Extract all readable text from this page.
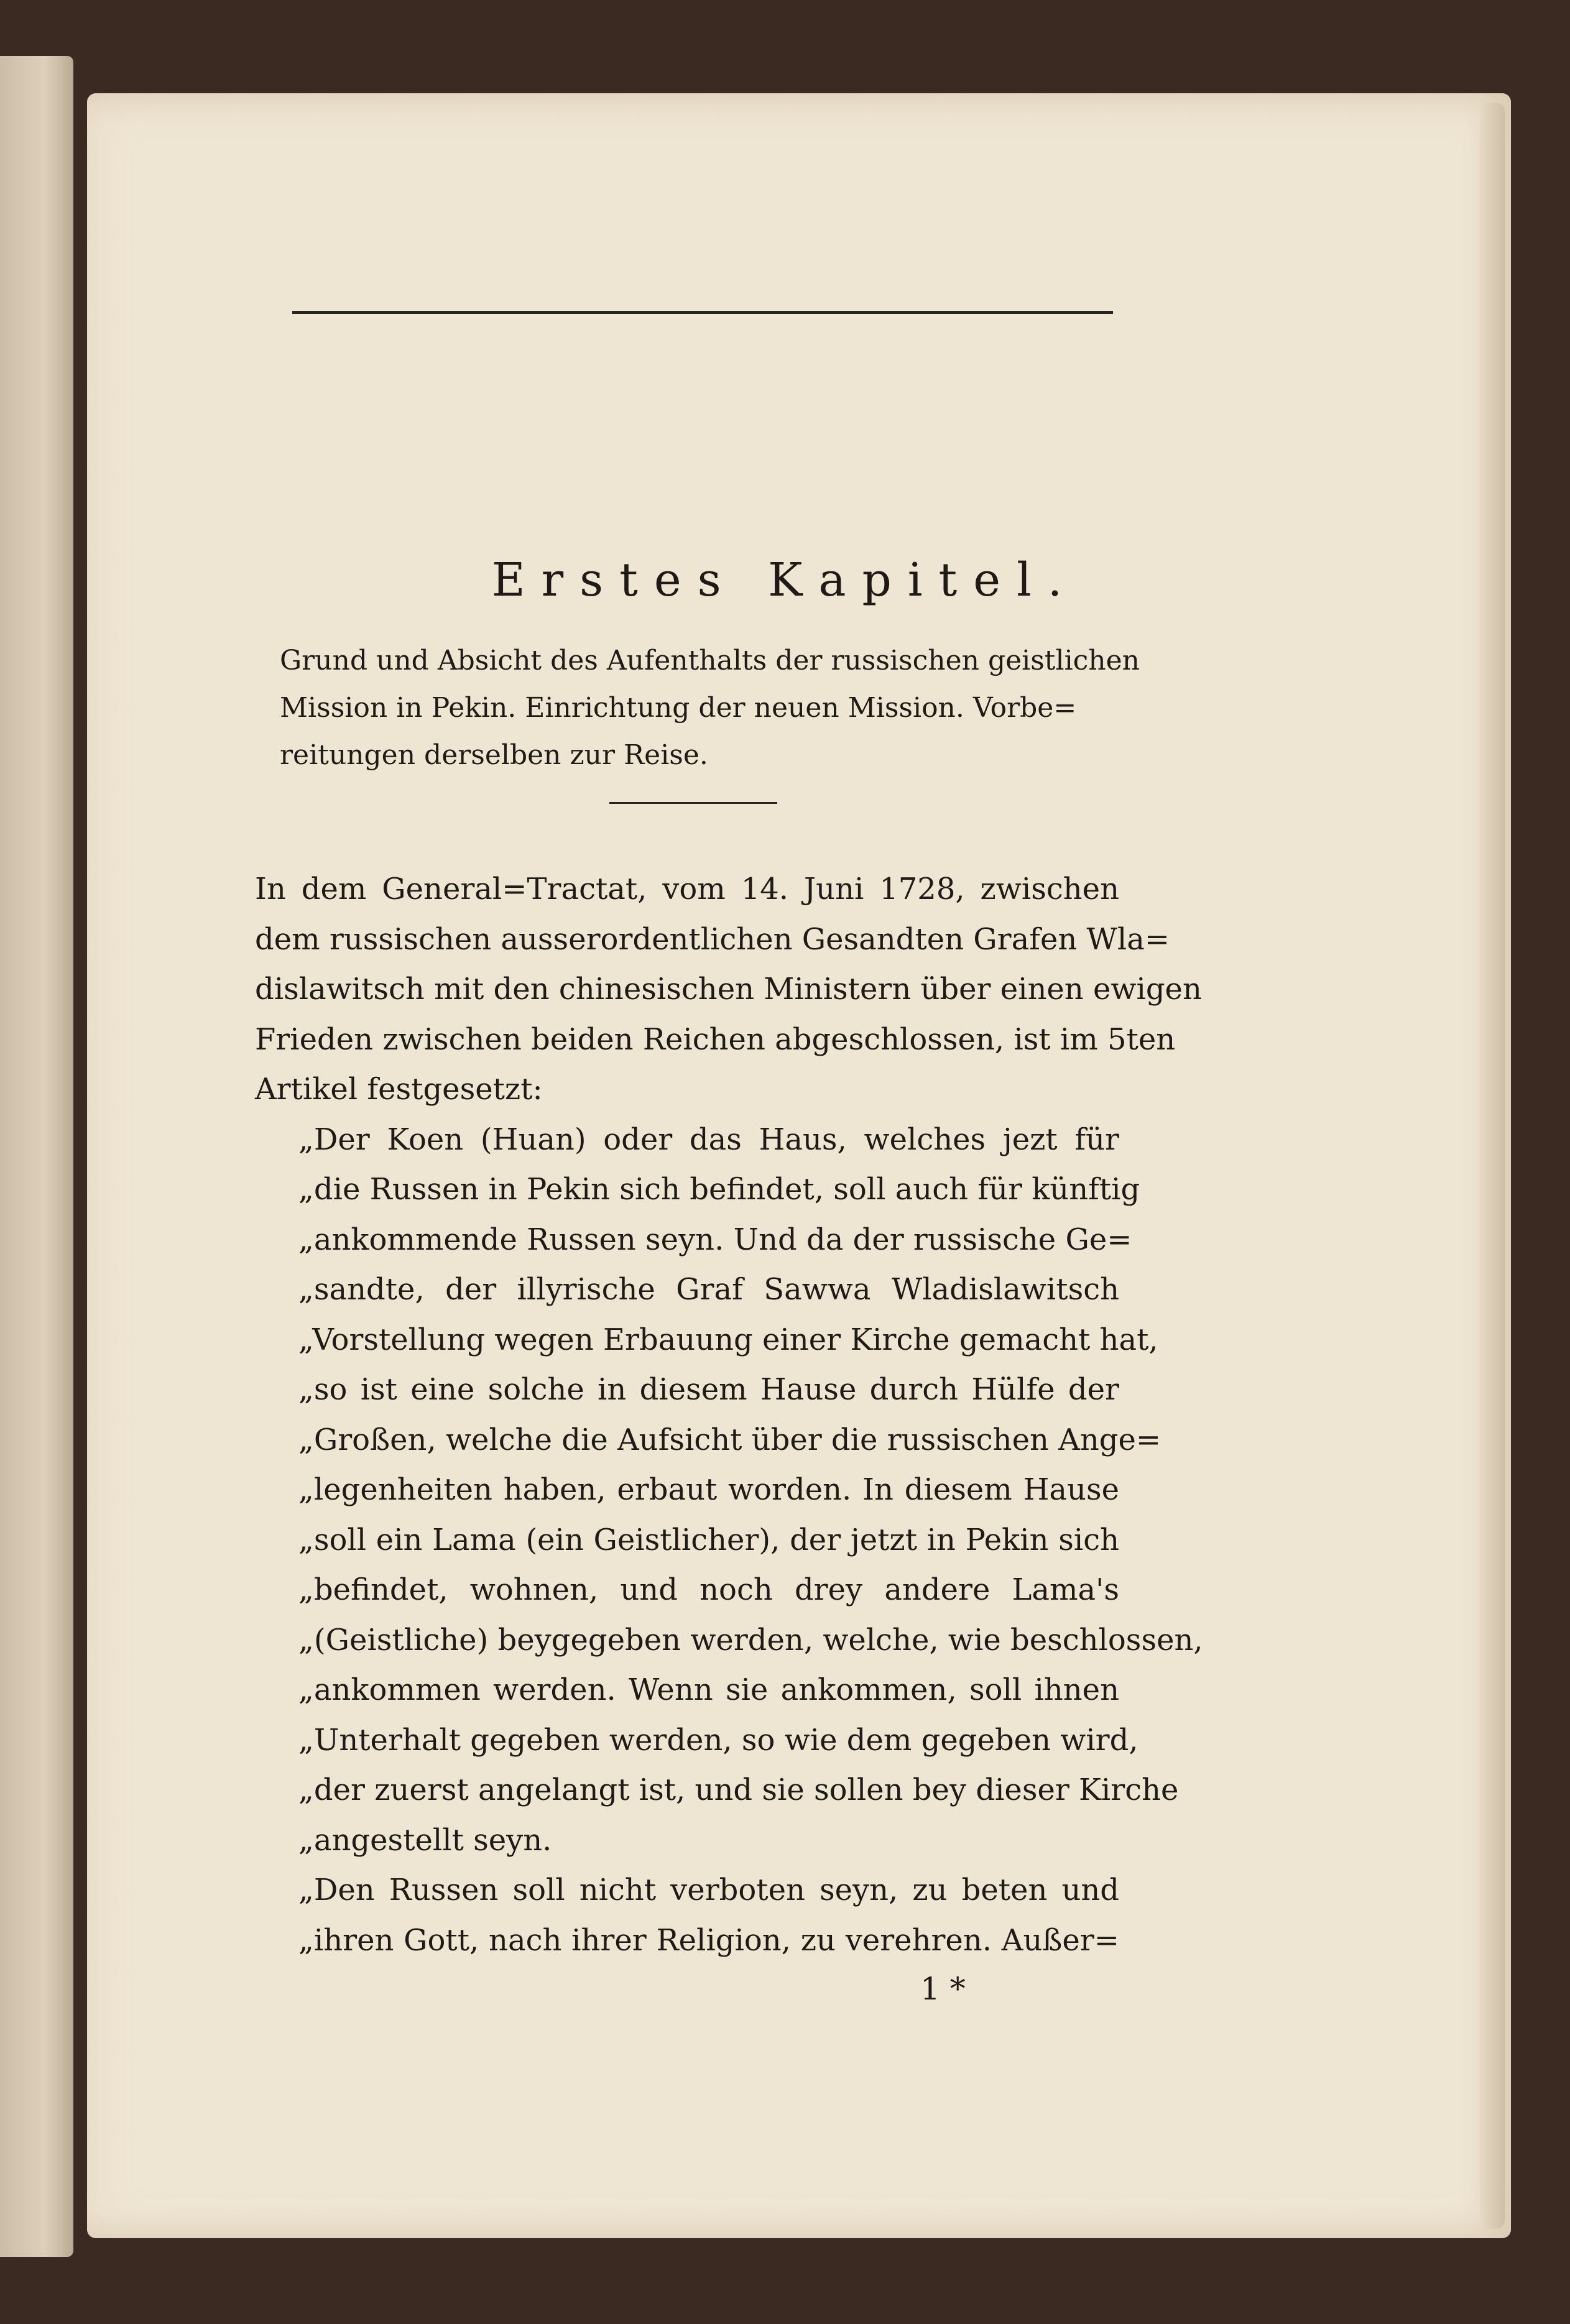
Erstes Kapitel.
Grund und Absicht des Aufenthalts der russischen geistlichen
Mission in Pekin. Einrichtung der neuen Mission. Vorbe=
reitungen derselben zur Reise.
In dem General=Tractat, vom 14. Juni 1728, zwischen
dem russischen ausserordentlichen Gesandten Grafen Wla=
dislawitsch mit den chinesischen Ministern über einen ewigen
Frieden zwischen beiden Reichen abgeschlossen, ist im 5ten
Artikel festgesetzt:
„Der Koen (Huan) oder das Haus, welches jezt für
„die Russen in Pekin sich befindet, soll auch für künftig
„ankommende Russen seyn. Und da der russische Ge=
„sandte, der illyrische Graf Sawwa Wladislawitsch
„Vorstellung wegen Erbauung einer Kirche gemacht hat,
„so ist eine solche in diesem Hause durch Hülfe der
„Großen, welche die Aufsicht über die russischen Ange=
„legenheiten haben, erbaut worden. In diesem Hause
„soll ein Lama (ein Geistlicher), der jetzt in Pekin sich
„befindet, wohnen, und noch drey andere Lama's
„(Geistliche) beygegeben werden, welche, wie beschlossen,
„ankommen werden. Wenn sie ankommen, soll ihnen
„Unterhalt gegeben werden, so wie dem gegeben wird,
„der zuerst angelangt ist, und sie sollen bey dieser Kirche
„angestellt seyn.
„Den Russen soll nicht verboten seyn, zu beten und
„ihren Gott, nach ihrer Religion, zu verehren. Außer=
1 *
